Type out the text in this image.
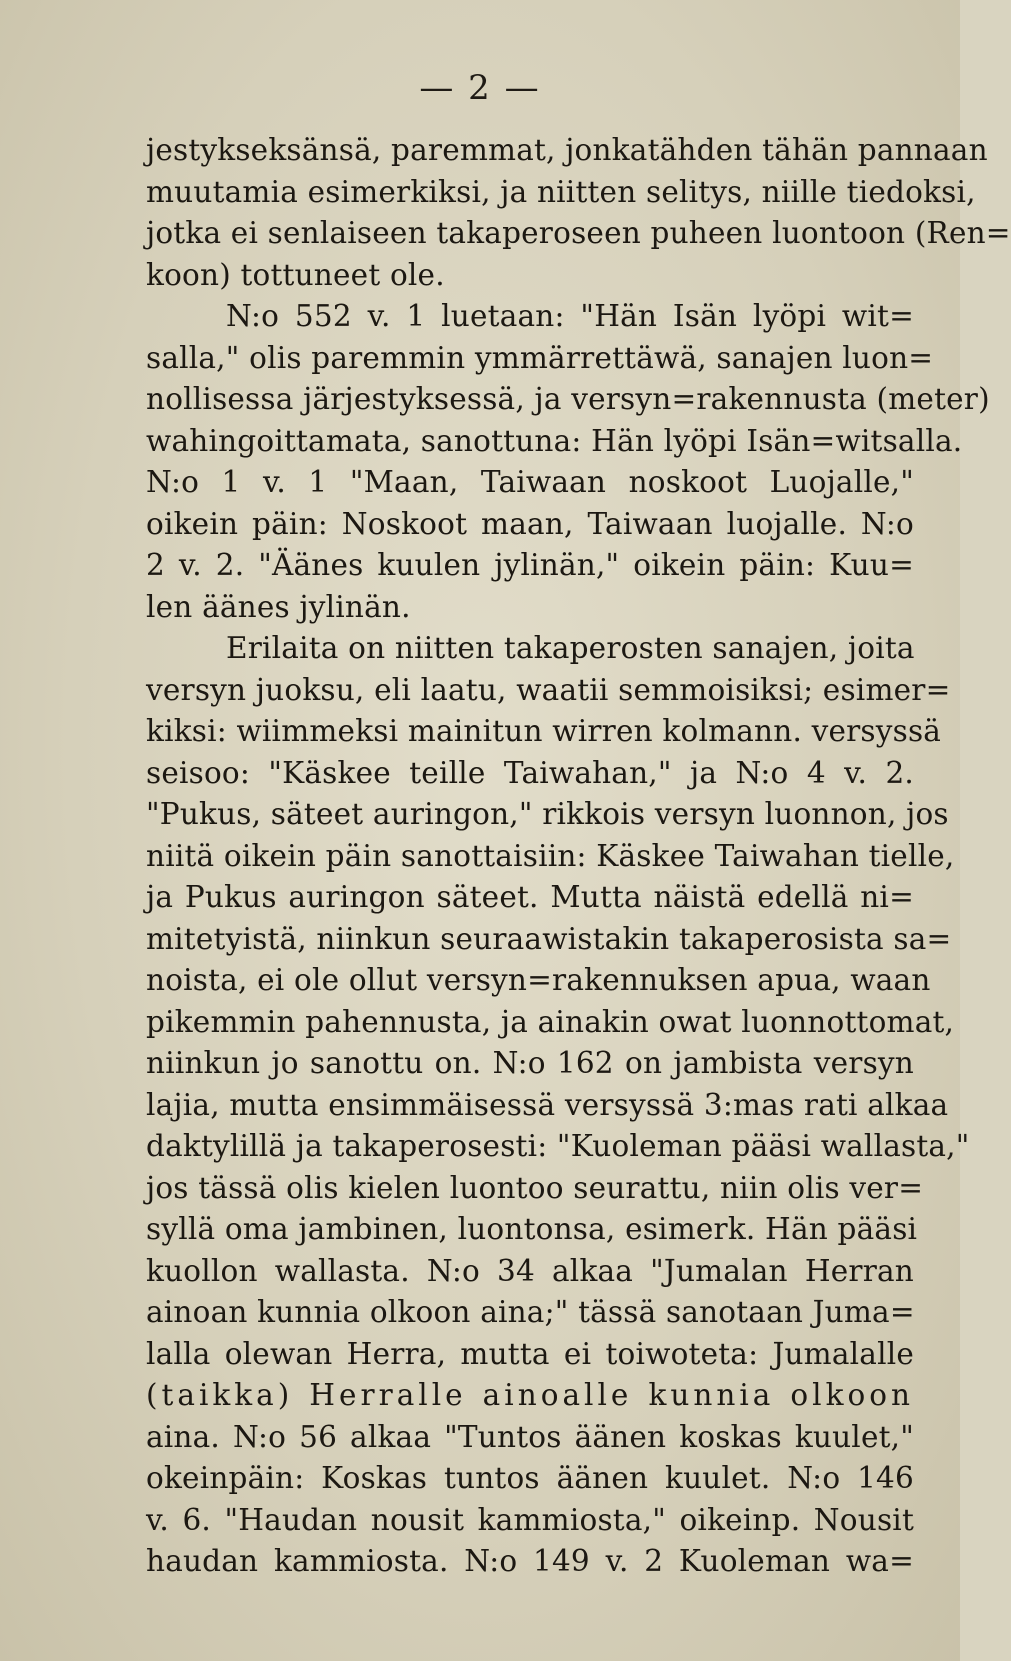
— 2 —
jestykseksänsä, paremmat, jonkatähden tähän pannaan
muutamia esimerkiksi, ja niitten selitys, niille tiedoksi,
jotka ei senlaiseen takaperoseen puheen luontoon (Ren=
koon) tottuneet ole.
N:o 552 v. 1 luetaan: "Hän Isän lyöpi wit=
salla," olis paremmin ymmärrettäwä, sanajen luon=
nollisessa järjestyksessä, ja versyn=rakennusta (meter)
wahingoittamata, sanottuna: Hän lyöpi Isän=witsalla.
N:o 1 v. 1 "Maan, Taiwaan noskoot Luojalle,"
oikein päin: Noskoot maan, Taiwaan luojalle. N:o
2 v. 2. "Äänes kuulen jylinän," oikein päin: Kuu=
len äänes jylinän.
Erilaita on niitten takaperosten sanajen, joita
versyn juoksu, eli laatu, waatii semmoisiksi; esimer=
kiksi: wiimmeksi mainitun wirren kolmann. versyssä
seisoo: "Käskee teille Taiwahan," ja N:o 4 v. 2.
"Pukus, säteet auringon," rikkois versyn luonnon, jos
niitä oikein päin sanottaisiin: Käskee Taiwahan tielle,
ja Pukus auringon säteet. Mutta näistä edellä ni=
mitetyistä, niinkun seuraawistakin takaperosista sa=
noista, ei ole ollut versyn=rakennuksen apua, waan
pikemmin pahennusta, ja ainakin owat luonnottomat,
niinkun jo sanottu on. N:o 162 on jambista versyn
lajia, mutta ensimmäisessä versyssä 3:mas rati alkaa
daktylillä ja takaperosesti: "Kuoleman pääsi wallasta,"
jos tässä olis kielen luontoo seurattu, niin olis ver=
syllä oma jambinen, luontonsa, esimerk. Hän pääsi
kuollon wallasta. N:o 34 alkaa "Jumalan Herran
ainoan kunnia olkoon aina;" tässä sanotaan Juma=
lalla olewan Herra, mutta ei toiwoteta: Jumalalle
(taikka) Herralle ainoalle kunnia olkoon
aina. N:o 56 alkaa "Tuntos äänen koskas kuulet,"
okeinpäin: Koskas tuntos äänen kuulet. N:o 146
v. 6. "Haudan nousit kammiosta," oikeinp. Nousit
haudan kammiosta. N:o 149 v. 2 Kuoleman wa=
